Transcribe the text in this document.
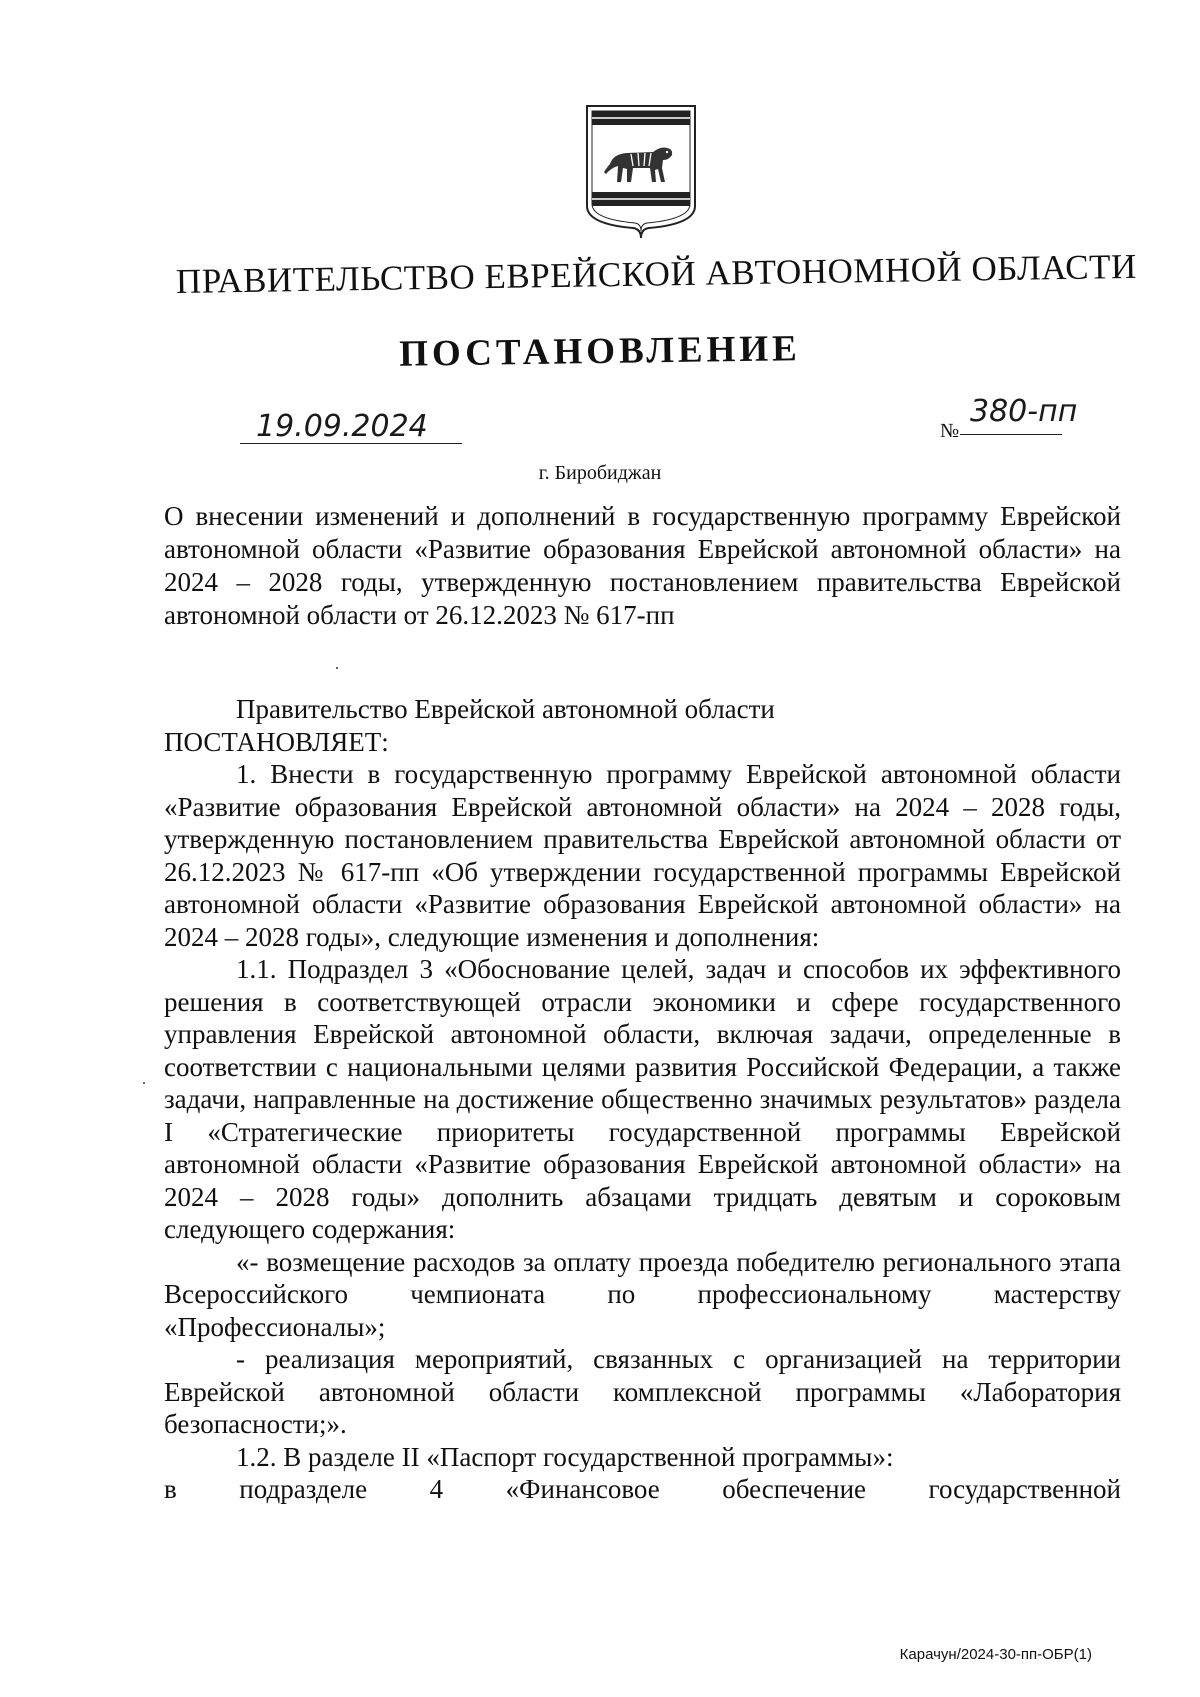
ПРАВИТЕЛЬСТВО ЕВРЕЙСКОЙ АВТОНОМНОЙ ОБЛАСТИ
ПОСТАНОВЛЕНИЕ
19.09.2024	№
380-пп
г. Биробиджан
О внесении изменений и дополнений в государственную программу Еврейской автономной области «Развитие образования Еврейской автономной области» на 2024 – 2028 годы, утвержденную постановлением правительства Еврейской автономной области от 26.12.2023 № 617-пп

Правительство Еврейской автономной области

ПОСТАНОВЛЯЕТ:

1. Внести в государственную программу Еврейской автономной области «Развитие образования Еврейской автономной области» на 2024 – 2028 годы, утвержденную постановлением правительства Еврейской автономной области от 26.12.2023 № 617-пп «Об утверждении государственной программы Еврейской автономной области «Развитие образования Еврейской автономной области» на 2024 – 2028 годы», следующие изменения и дополнения:

1.1. Подраздел 3 «Обоснование целей, задач и способов их эффективного решения в соответствующей отрасли экономики и сфере государственного управления Еврейской автономной области, включая задачи, определенные в соответствии с национальными целями развития Российской Федерации, а также задачи, направленные на достижение общественно значимых результатов» раздела I «Стратегические приоритеты государственной программы Еврейской автономной области «Развитие образования Еврейской автономной области» на 2024 – 2028 годы» дополнить абзацами тридцать девятым и сороковым следующего содержания:

«- возмещение расходов за оплату проезда победителю регионального этапа Всероссийского чемпионата по профессиональному мастерству «Профессионалы»;

- реализация мероприятий, связанных с организацией на территории Еврейской автономной области комплексной программы «Лаборатория безопасности;».

1.2. В разделе II «Паспорт государственной программы»:

в подразделе 4 «Финансовое обеспечение государственной

Карачун/2024-30-пп-ОБР(1)
